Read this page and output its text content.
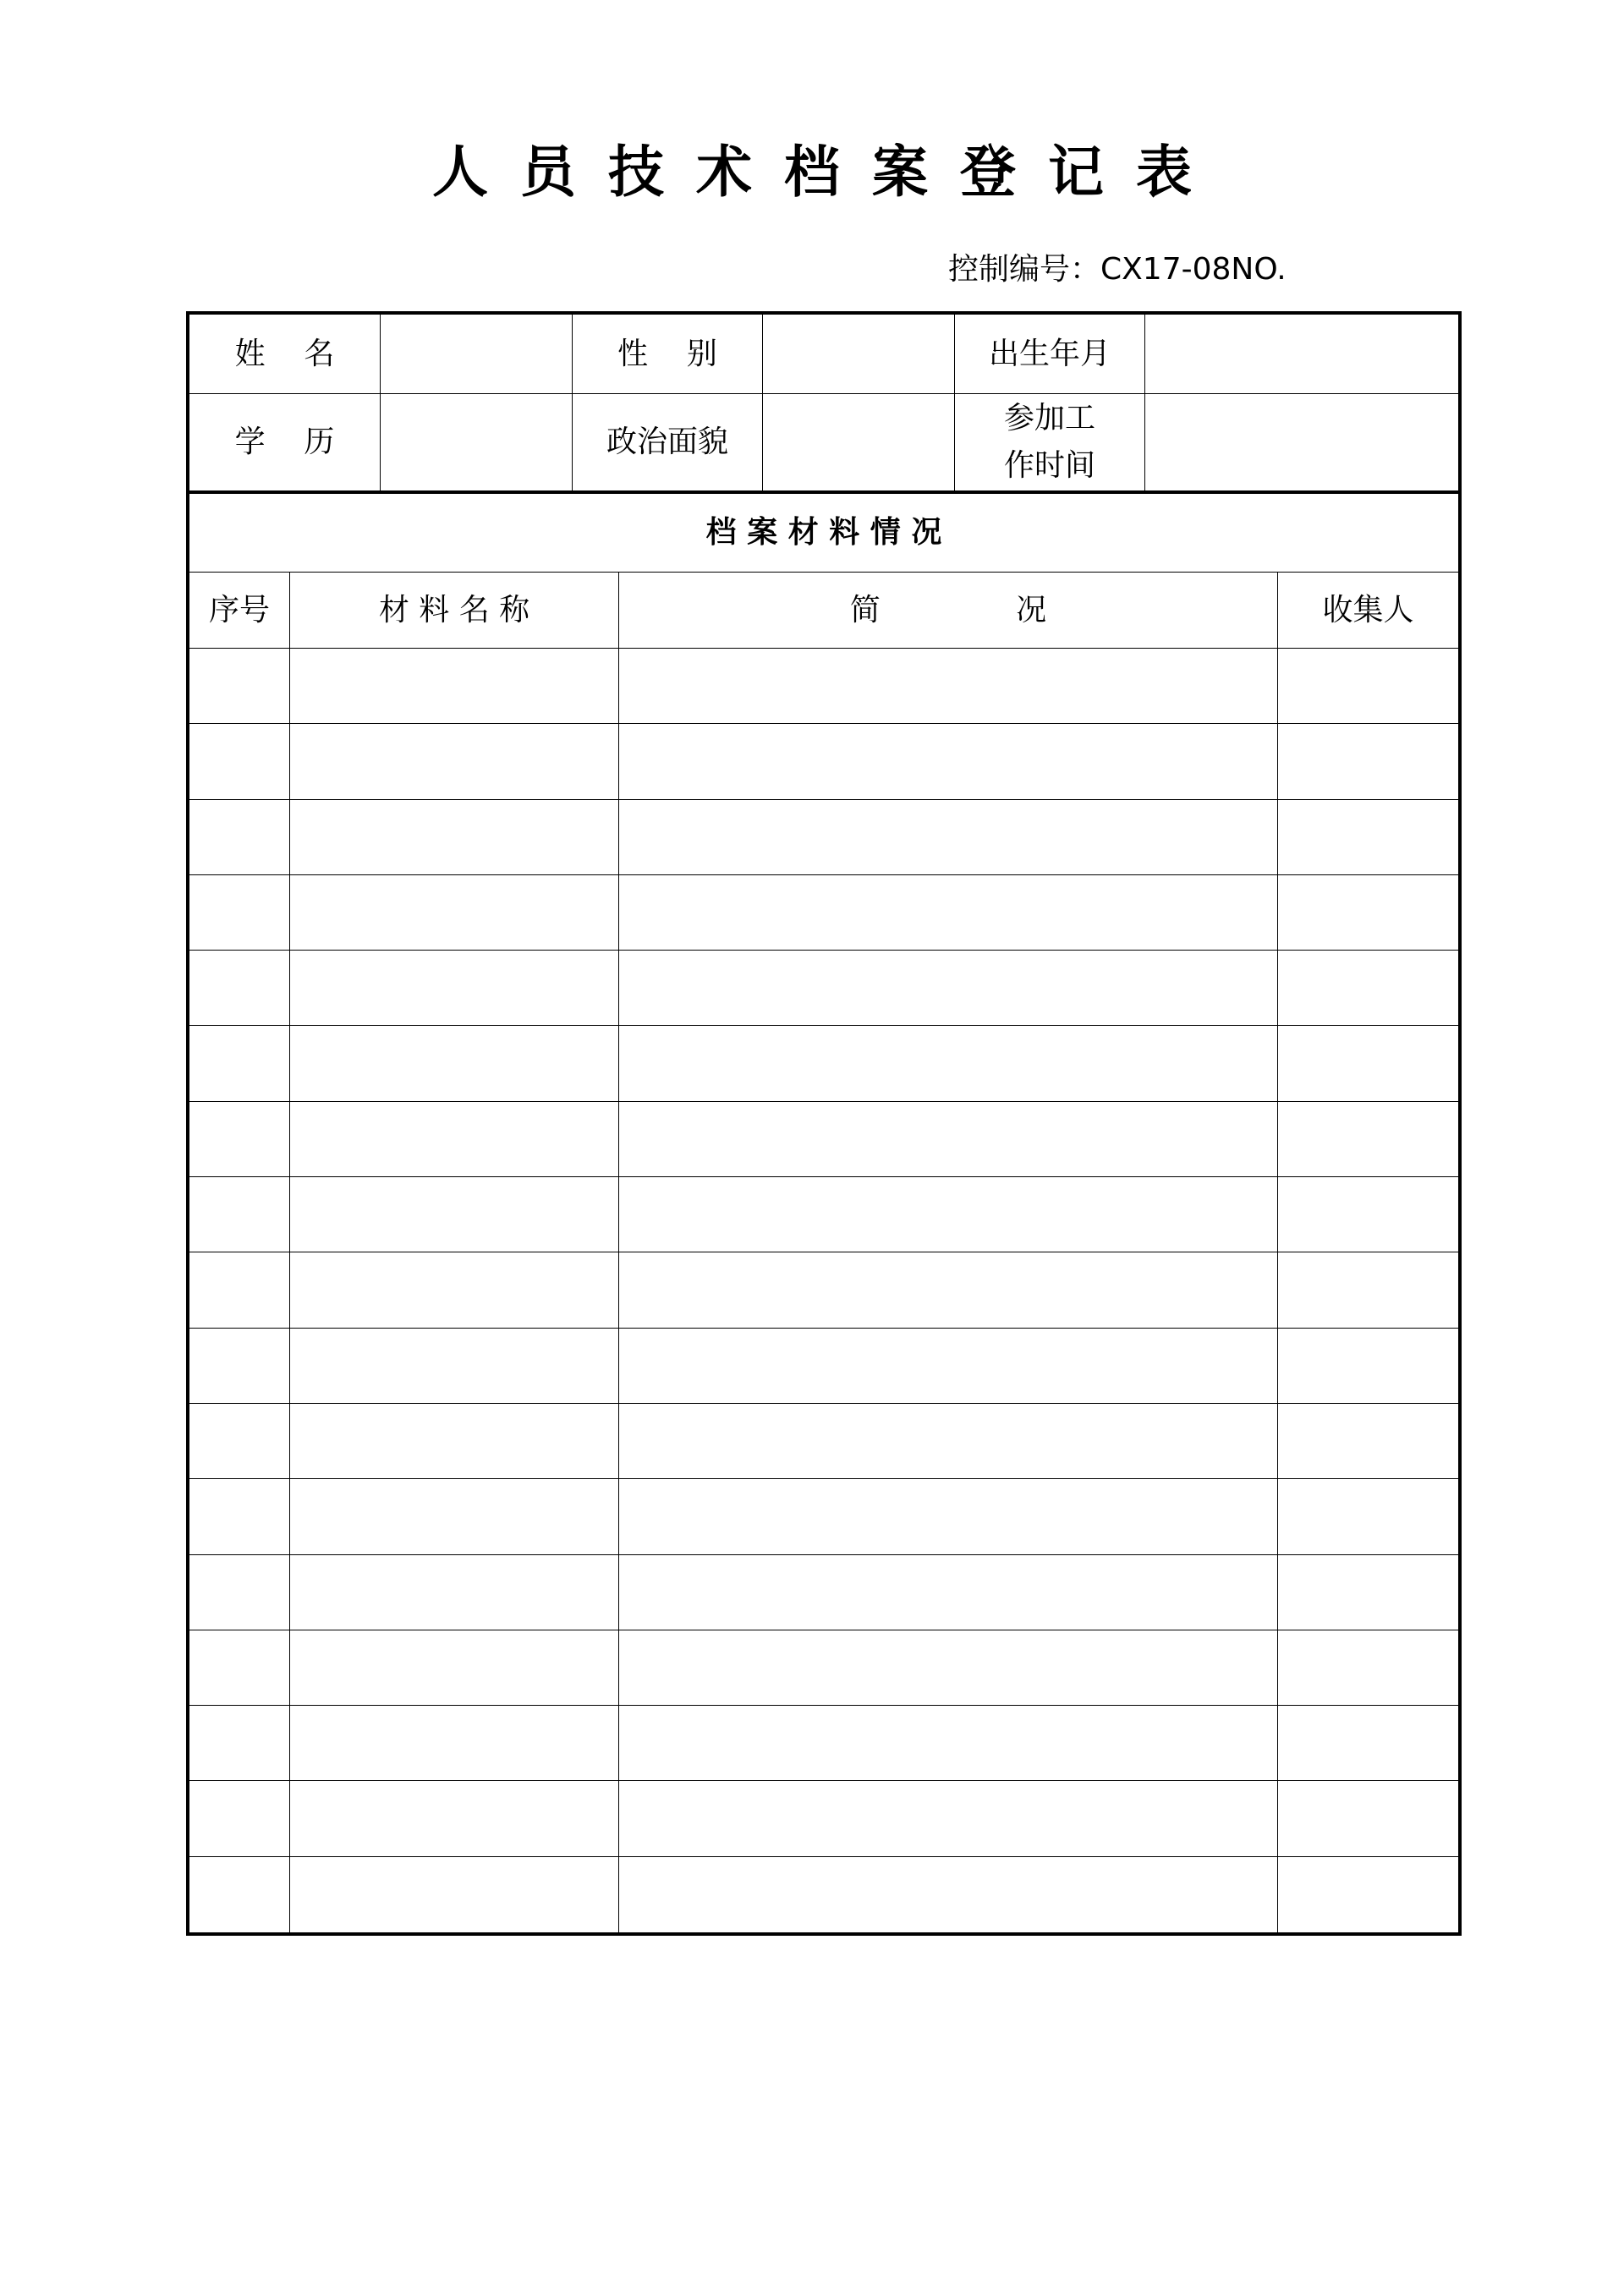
人员技术档案登记表
控制编号：CX17-08NO.
姓    名	性    别	出生年月
学    历	政治面貌
参加工
作时间
档 案 材 料 情 况
序号	材 料 名 称	简              况	收集人
